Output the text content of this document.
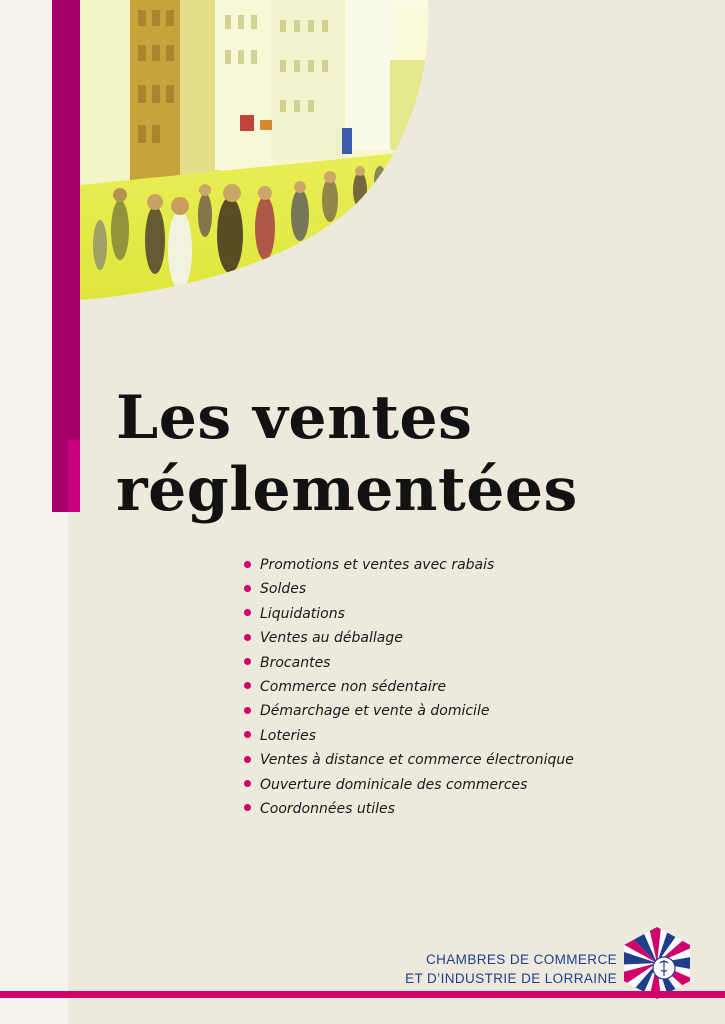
Les ventes
réglementées
Promotions et ventes avec rabais
Soldes
Liquidations
Ventes au déballage
Brocantes
Commerce non sédentaire
Démarchage et vente à domicile
Loteries
Ventes à distance et commerce électronique
Ouverture dominicale des commerces
Coordonnées utiles
CHAMBRES DE COMMERCE
ET D’INDUSTRIE DE LORRAINE
